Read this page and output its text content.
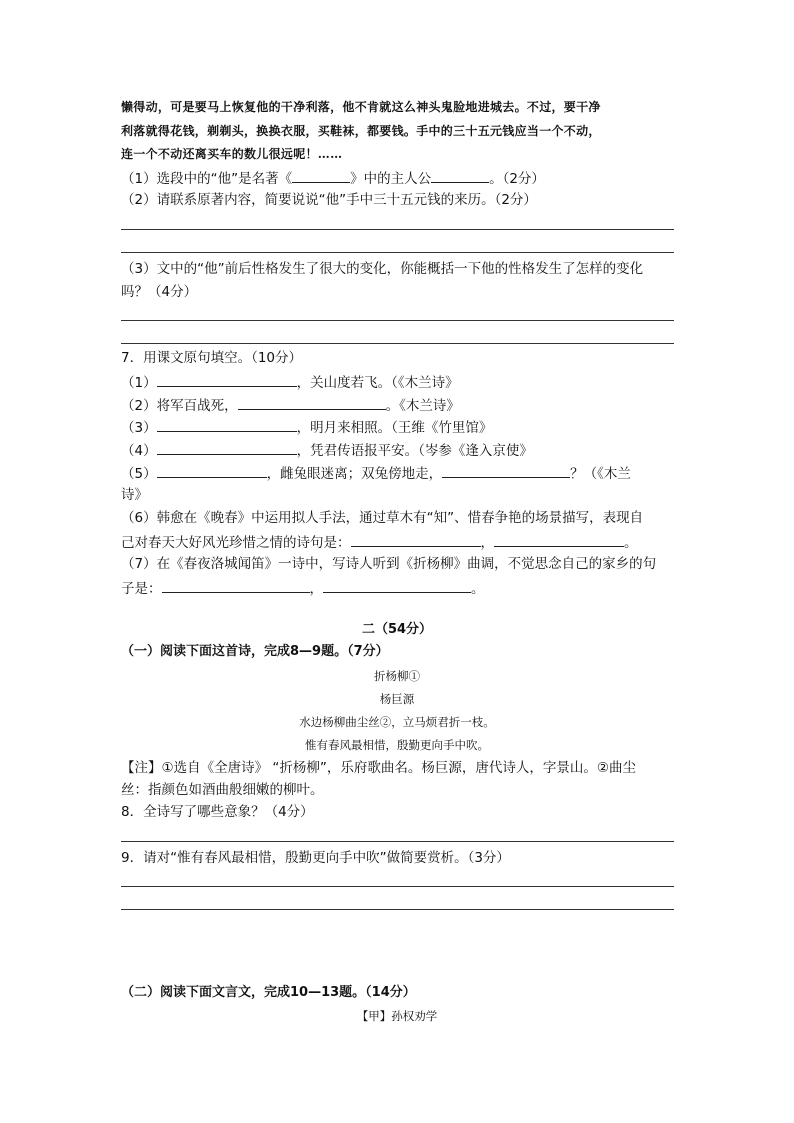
懒得动，可是要马上恢复他的干净利落，他不肯就这么神头鬼脸地进城去。不过，要干净
利落就得花钱，剃剃头，换换衣服，买鞋袜，都要钱。手中的三十五元钱应当一个不动，
连一个不动还离买车的数儿很远呢！……
（1）选段中的“他”是名著《	》中的主人公	。（2分）
（2）请联系原著内容，简要说说“他”手中三十五元钱的来历。（2分）
（3）文中的“他”前后性格发生了很大的变化，你能概括一下他的性格发生了怎样的变化
吗？（4分）
7．用课文原句填空。（10分）
（1）	，关山度若飞。（《木兰诗》
（2）将军百战死，	。《木兰诗》
（3）	，明月来相照。（王维《竹里馆》
（4）	，凭君传语报平安。（岑参《逢入京使》
（5）	，雌兔眼迷离；双兔傍地走，	？（《木兰
诗》
（6）韩愈在《晚春》中运用拟人手法，通过草木有“知”、惜春争艳的场景描写，表现自
己对春天大好风光珍惜之情的诗句是：	，	。
（7）在《春夜洛城闻笛》一诗中，写诗人听到《折杨柳》曲调，不觉思念自己的家乡的句
子是：	，	。
二（54分）
（一）阅读下面这首诗，完成8—9题。（7分）
折杨柳①
杨巨源
水边杨柳曲尘丝②，立马烦君折一枝。
惟有春风最相惜，殷勤更向手中吹。
【注】①选自《全唐诗》 “折杨柳”，乐府歌曲名。杨巨源，唐代诗人，字景山。②曲尘
丝：指颜色如酒曲般细嫩的柳叶。
8．全诗写了哪些意象？（4分）
9．请对“惟有春风最相惜，殷勤更向手中吹”做简要赏析。（3分）
（二）阅读下面文言文，完成10—13题。（14分）
【甲】孙权劝学
